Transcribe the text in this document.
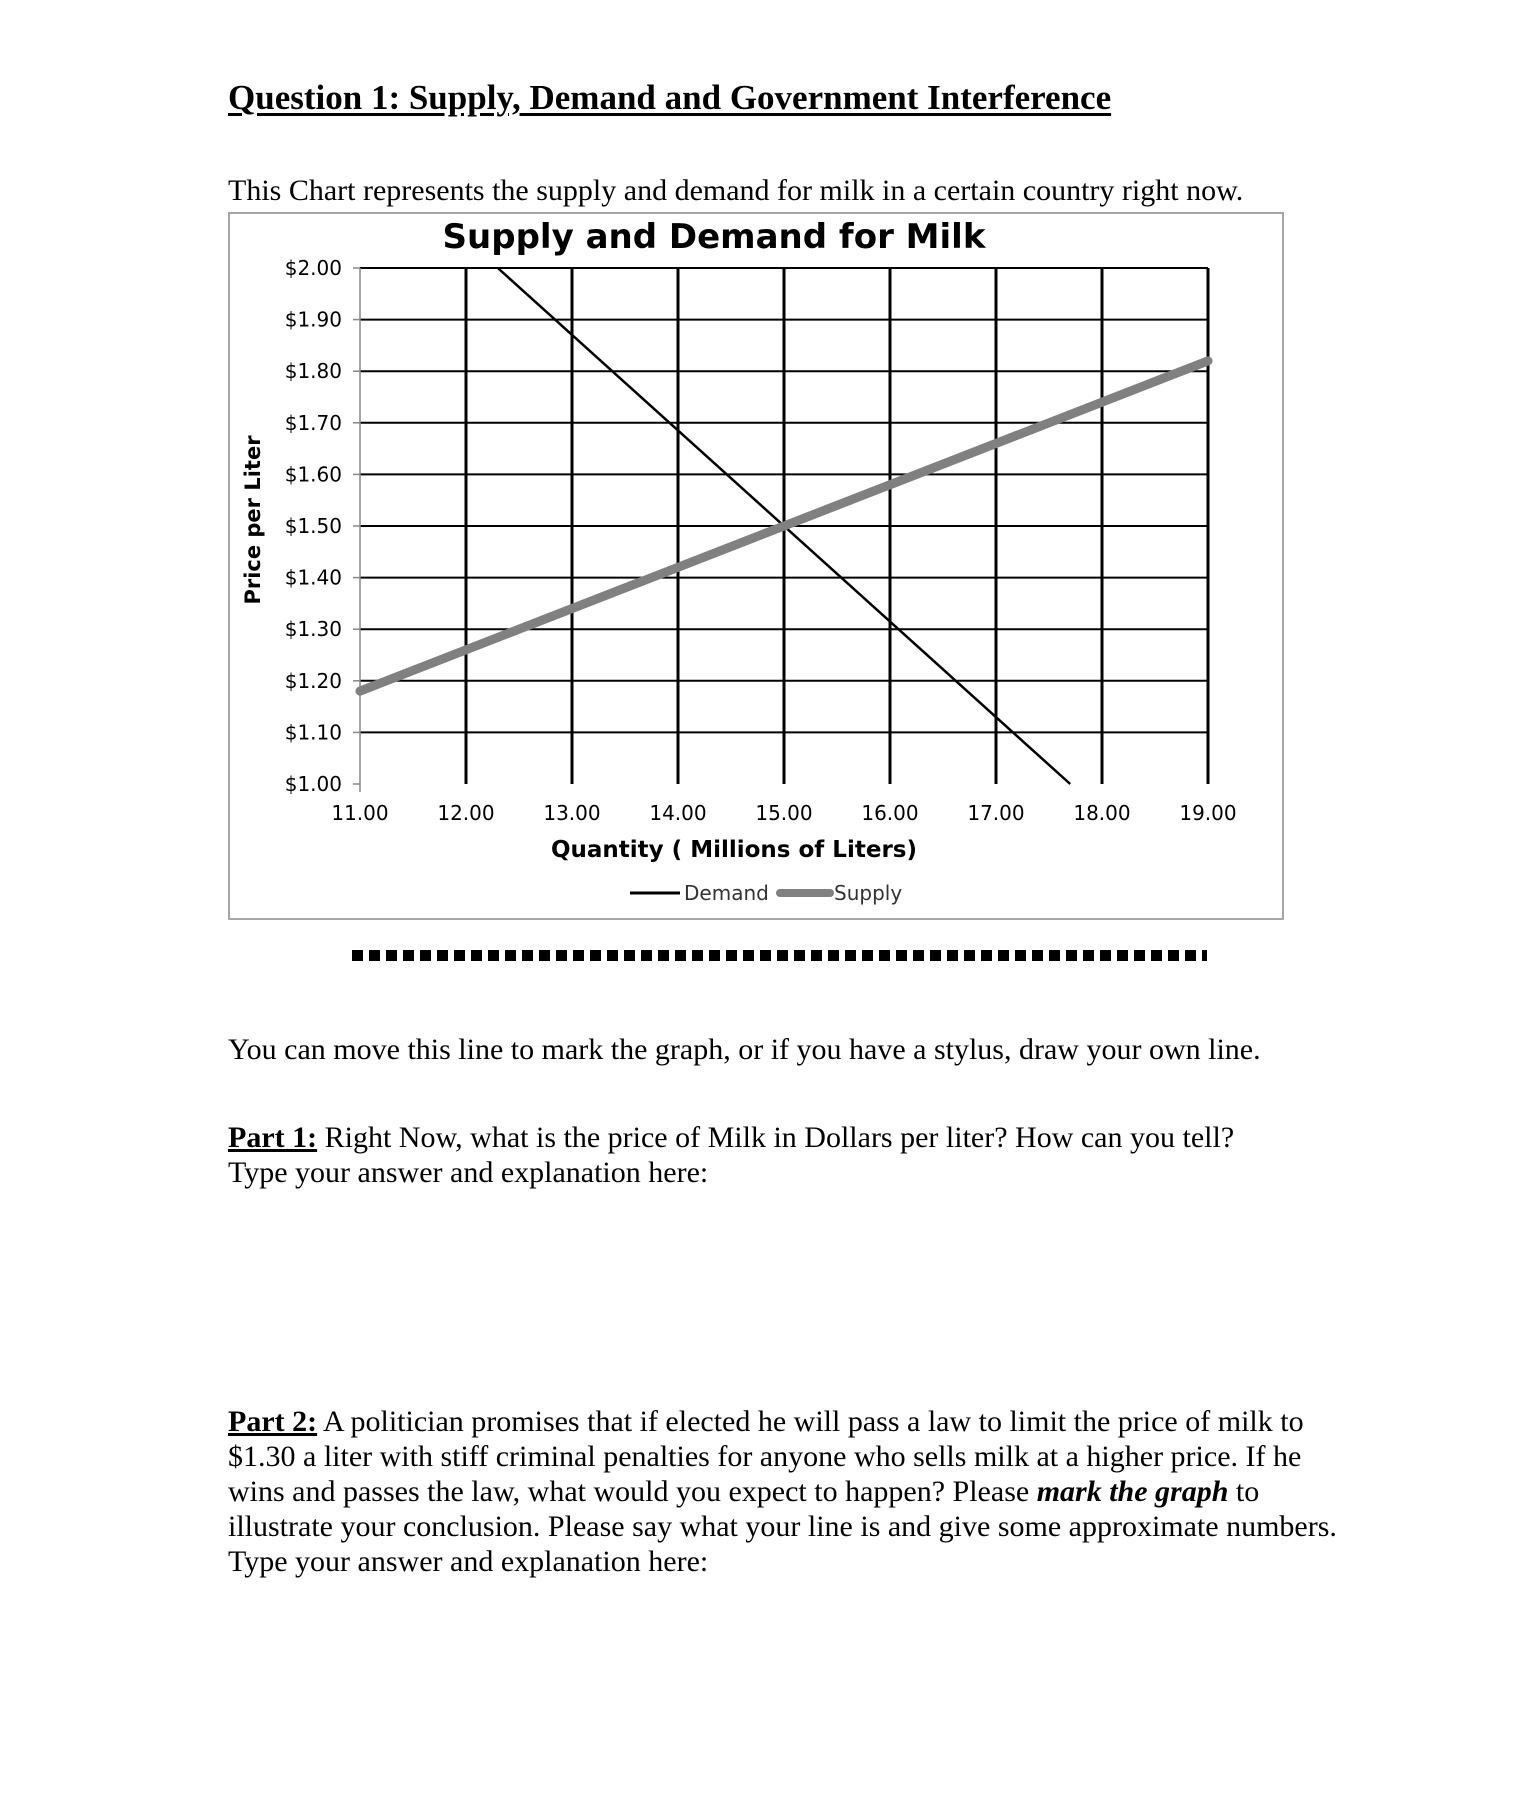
Question 1: Supply, Demand and Government Interference
This Chart represents the supply and demand for milk in a certain country right now.
$1.00
$1.10
$1.20
$1.30
$1.40
$1.50
$1.60
$1.70
$1.80
$1.90
$2.00
11.00 12.00 13.00 14.00 15.00 16.00 17.00 18.00 19.00
Supply and Demand for Milk
Price per Liter
Quantity ( Millions of Liters)
Demand	Supply
You can move this line to mark the graph, or if you have a stylus, draw your own line.
Part 1: Right Now, what is the price of Milk in Dollars per liter? How can you tell?
Type your answer and explanation here:
Part 2: A politician promises that if elected he will pass a law to limit the price of milk to $1.30 a liter with stiff criminal penalties for anyone who sells milk at a higher price. If he wins and passes the law, what would you expect to happen? Please mark the graph to illustrate your conclusion. Please say what your line is and give some approximate numbers.
Type your answer and explanation here:
